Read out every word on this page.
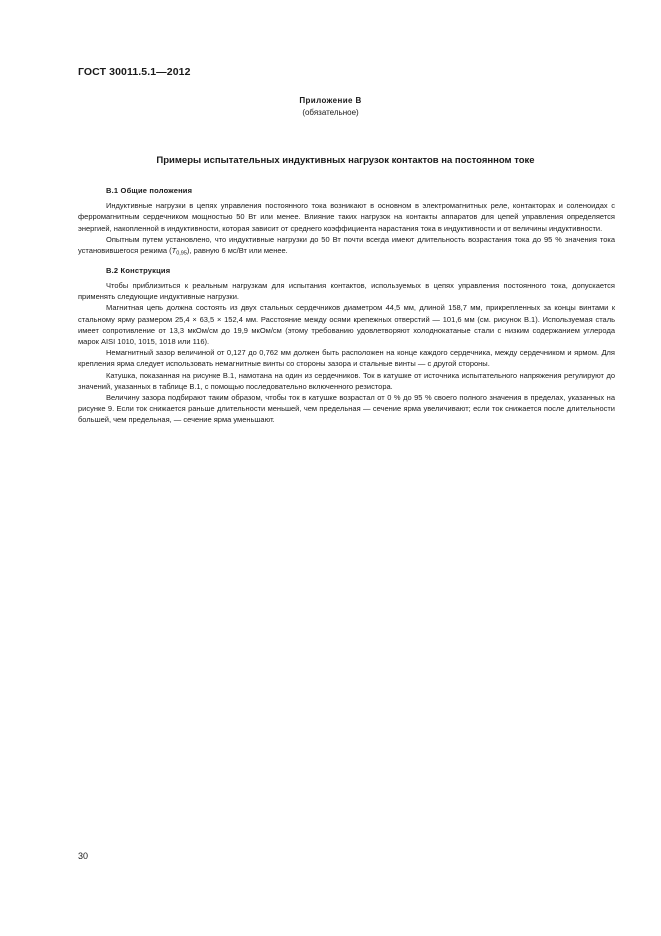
ГОСТ 30011.5.1—2012
Приложение В
(обязательное)
Примеры испытательных индуктивных нагрузок контактов на постоянном токе
В.1 Общие положения

Индуктивные нагрузки в цепях управления постоянного тока возникают в основном в электромагнитных реле, контакторах и соленоидах с ферромагнитным сердечником мощностью 50 Вт или менее. Влияние таких нагрузок на контакты аппаратов для цепей управления определяется энергией, накопленной в индуктивности, которая зависит от среднего коэффициента нарастания тока в индуктивности и от величины индуктивности.

Опытным путем установлено, что индуктивные нагрузки до 50 Вт почти всегда имеют длительность возрастания тока до 95 % значения тока установившегося режима $(T_{0,95})$, равную 6 мс/Вт или менее.

В.2 Конструкция

Чтобы приблизиться к реальным нагрузкам для испытания контактов, используемых в цепях управления постоянного тока, допускается применять следующие индуктивные нагрузки.

Магнитная цепь должна состоять из двух стальных сердечников диаметром 44,5 мм, длиной 158,7 мм, прикрепленных за концы винтами к стальному ярму размером 25,4 × 63,5 × 152,4 мм. Расстояние между осями крепежных отверстий — 101,6 мм (см. рисунок В.1). Используемая сталь имеет сопротивление от 13,3 мкОм/см до 19,9 мкОм/см (этому требованию удовлетворяют холоднокатаные стали с низким содержанием углерода марок AISI 1010, 1015, 1018 или 116).

Немагнитный зазор величиной от 0,127 до 0,762 мм должен быть расположен на конце каждого сердечника, между сердечником и ярмом. Для крепления ярма следует использовать немагнитные винты со стороны зазора и стальные винты — с другой стороны.

Катушка, показанная на рисунке В.1, намотана на один из сердечников. Ток в катушке от источника испытательного напряжения регулируют до значений, указанных в таблице В.1, с помощью последовательно включенного резистора.

Величину зазора подбирают таким образом, чтобы ток в катушке возрастал от 0 % до 95 % своего полного значения в пределах, указанных на рисунке 9. Если ток снижается раньше длительности меньшей, чем предельная — сечение ярма увеличивают; если ток снижается после длительности большей, чем предельная, — сечение ярма уменьшают.

30
